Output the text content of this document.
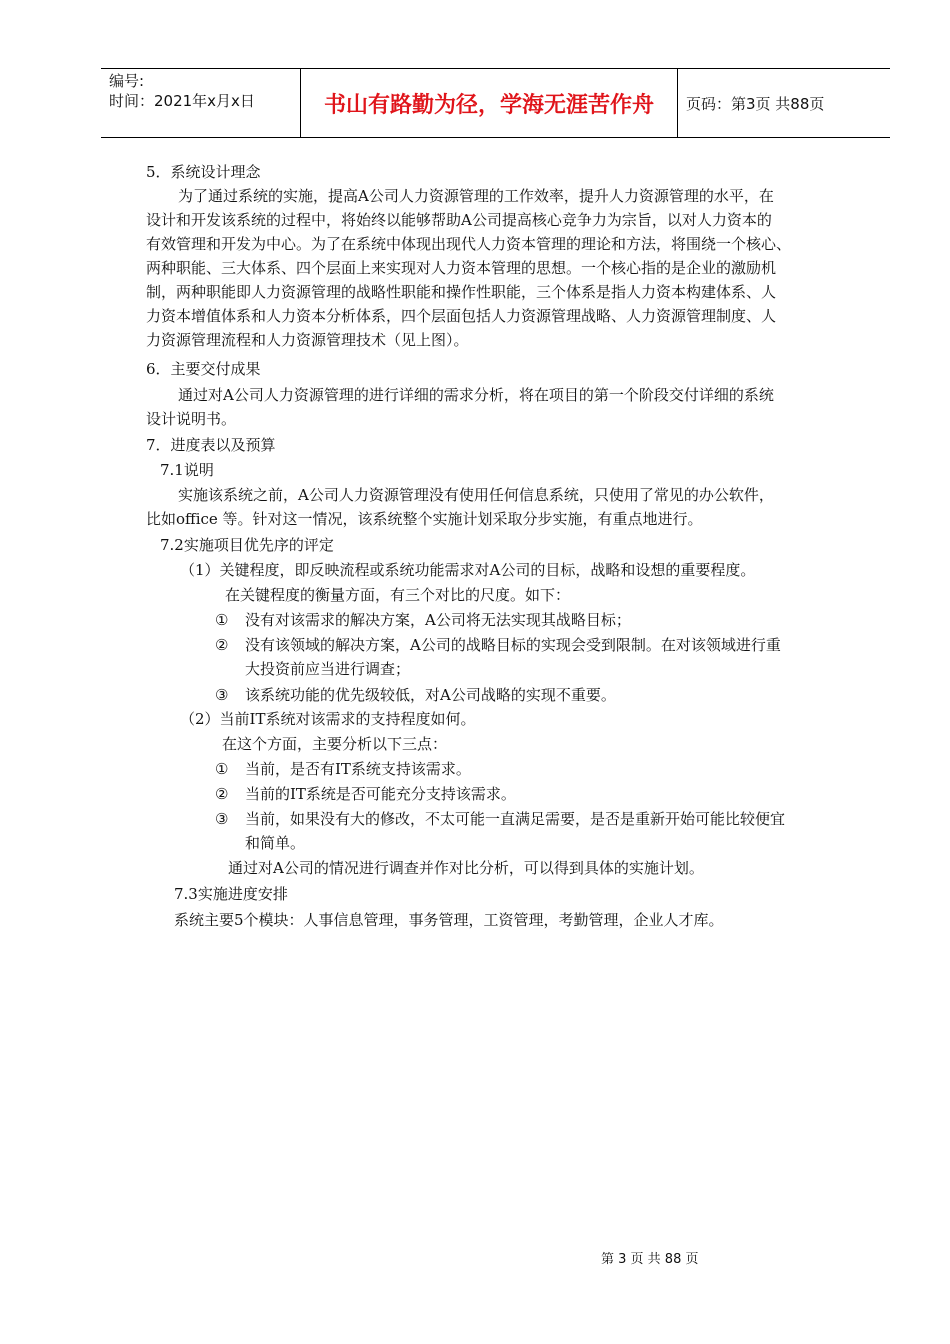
编号:
时间：2021年x月x日	书山有路勤为径，学海无涯苦作舟	页码：第3页 共88页
5．系统设计理念
为了通过系统的实施，提高A公司人力资源管理的工作效率，提升人力资源管理的水平，在
设计和开发该系统的过程中，将始终以能够帮助A公司提高核心竞争力为宗旨，以对人力资本的
有效管理和开发为中心。为了在系统中体现出现代人力资本管理的理论和方法，将围绕一个核心、
两种职能、三大体系、四个层面上来实现对人力资本管理的思想。一个核心指的是企业的激励机
制，两种职能即人力资源管理的战略性职能和操作性职能，三个体系是指人力资本构建体系、人
力资本增值体系和人力资本分析体系，四个层面包括人力资源管理战略、人力资源管理制度、人
力资源管理流程和人力资源管理技术（见上图）。
6．主要交付成果
通过对A公司人力资源管理的进行详细的需求分析，将在项目的第一个阶段交付详细的系统
设计说明书。
7．进度表以及预算
7.1说明
实施该系统之前，A公司人力资源管理没有使用任何信息系统，只使用了常见的办公软件，
比如office 等。针对这一情况，该系统整个实施计划采取分步实施，有重点地进行。
7.2实施项目优先序的评定
（1）关键程度，即反映流程或系统功能需求对A公司的目标，战略和设想的重要程度。
在关键程度的衡量方面，有三个对比的尺度。如下：
① 没有对该需求的解决方案，A公司将无法实现其战略目标；
② 没有该领域的解决方案，A公司的战略目标的实现会受到限制。在对该领域进行重
大投资前应当进行调查；
③ 该系统功能的优先级较低，对A公司战略的实现不重要。
（2）当前IT系统对该需求的支持程度如何。
在这个方面，主要分析以下三点：
① 当前，是否有IT系统支持该需求。
② 当前的IT系统是否可能充分支持该需求。
③ 当前，如果没有大的修改，不太可能一直满足需要，是否是重新开始可能比较便宜
和简单。
通过对A公司的情况进行调查并作对比分析，可以得到具体的实施计划。
7.3实施进度安排
系统主要5个模块：人事信息管理，事务管理，工资管理，考勤管理，企业人才库。
第 3 页 共 88 页
